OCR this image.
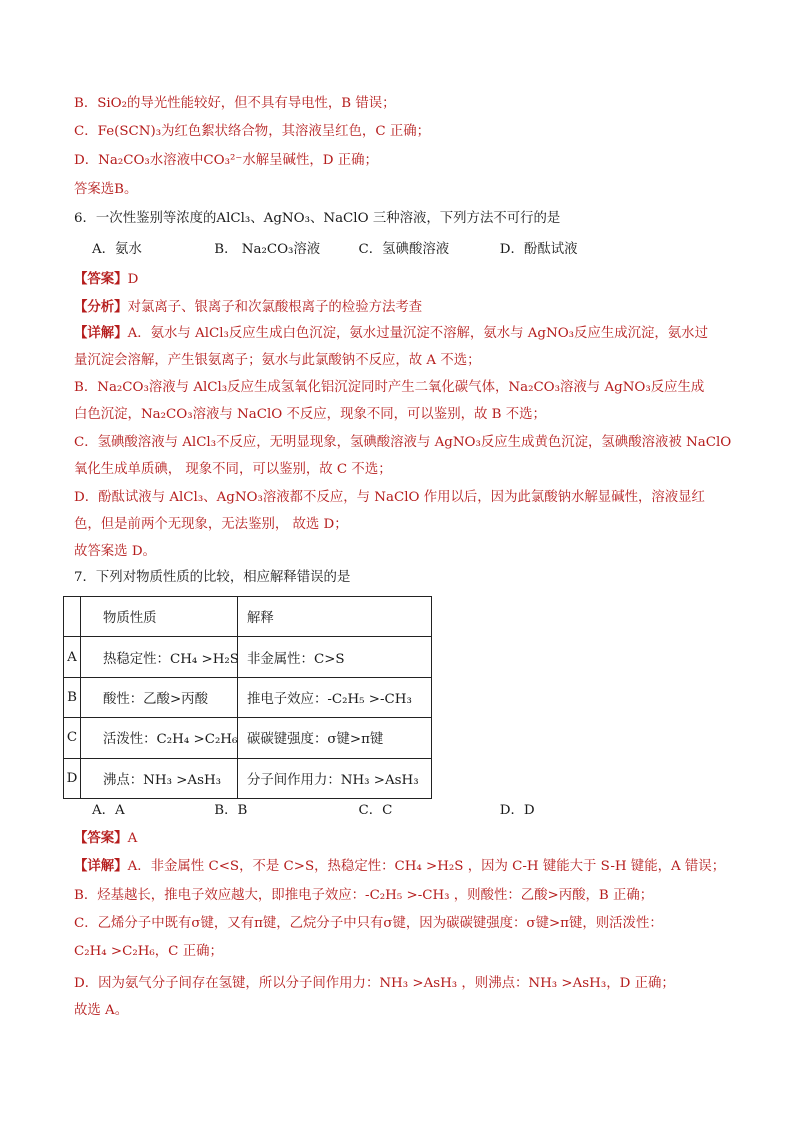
B．SiO₂的导光性能较好，但不具有导电性，B 错误；
C．Fe(SCN)₃为红色絮状络合物，其溶液呈红色，C 正确；
D．Na₂CO₃水溶液中CO₃²⁻水解呈碱性，D 正确；
答案选B。
6．一次性鉴别等浓度的AlCl₃、AgNO₃、NaClO 三种溶液，下列方法不可行的是
A．氨水	B． Na₂CO₃溶液	C．氢碘酸溶液	D．酚酞试液
【答案】D
【分析】对氯离子、银离子和次氯酸根离子的检验方法考查
【详解】A．氨水与 AlCl₃反应生成白色沉淀，氨水过量沉淀不溶解，氨水与 AgNO₃反应生成沉淀，氨水过
量沉淀会溶解，产生银氨离子；氨水与此氯酸钠不反应，故 A 不选；
B．Na₂CO₃溶液与 AlCl₃反应生成氢氧化铝沉淀同时产生二氧化碳气体，Na₂CO₃溶液与 AgNO₃反应生成
白色沉淀，Na₂CO₃溶液与 NaClO 不反应，现象不同，可以鉴别，故 B 不选；
C．氢碘酸溶液与 AlCl₃不反应，无明显现象，氢碘酸溶液与 AgNO₃反应生成黄色沉淀，氢碘酸溶液被 NaClO
氧化生成单质碘， 现象不同，可以鉴别，故 C 不选；
D．酚酞试液与 AlCl₃、AgNO₃溶液都不反应，与 NaClO 作用以后，因为此氯酸钠水解显碱性，溶液显红
色，但是前两个无现象，无法鉴别， 故选 D；
故答案选 D。
7．下列对物质性质的比较，相应解释错误的是
	物质性质	解释
A	热稳定性：CH₄ >H₂S	非金属性：C>S
B	酸性：乙酸>丙酸	推电子效应：-C₂H₅ >-CH₃
C	活泼性：C₂H₄ >C₂H₆	碳碳键强度：σ键>π键
D	沸点：NH₃ >AsH₃	分子间作用力：NH₃ >AsH₃
A．A	B．B	C．C	D．D
【答案】A
【详解】A．非金属性 C<S，不是 C>S，热稳定性：CH₄ >H₂S ，因为 C-H 键能大于 S-H 键能，A 错误；
B．烃基越长，推电子效应越大，即推电子效应：-C₂H₅ >-CH₃ ，则酸性：乙酸>丙酸，B 正确；
C．乙烯分子中既有σ键，又有π键，乙烷分子中只有σ键，因为碳碳键强度：σ键>π键，则活泼性：
C₂H₄ >C₂H₆，C 正确；
D．因为氨气分子间存在氢键，所以分子间作用力：NH₃ >AsH₃ ，则沸点：NH₃ >AsH₃，D 正确；
故选 A。
